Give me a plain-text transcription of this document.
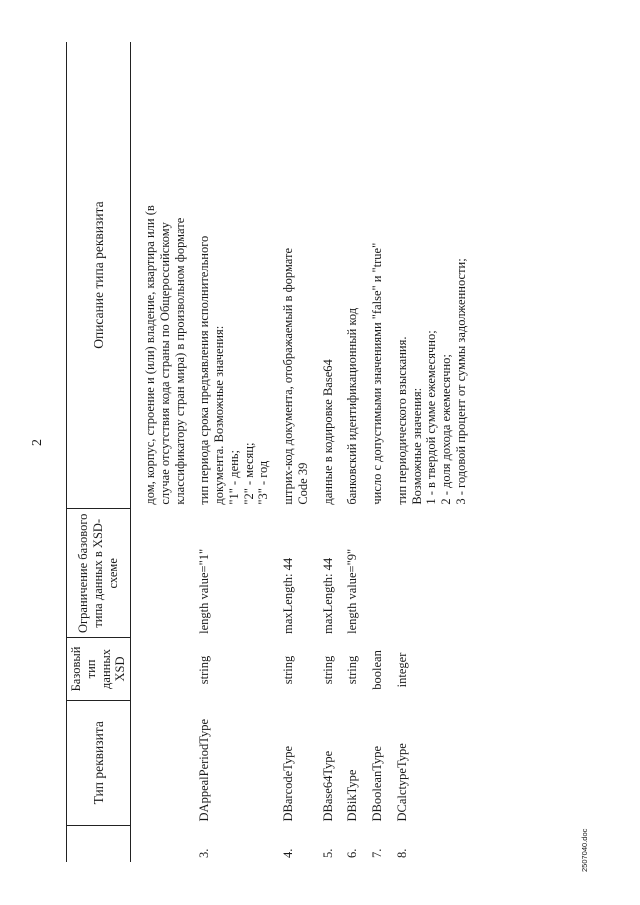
2
	Тип реквизита	Базовый тип данных XSD	Ограничение базового типа данных в XSD-схеме	Описание типа реквизита

				дом, корпус, строение и (или) владение, квартира или (в случае отсутствия кода страны по Общероссийскому классификатору стран мира) в произвольном формате

3.	DAppealPeriodType	string	length value="1"	тип периода срока предъявления исполнительного документа. Возможные значения: "1" - день; "2" - месяц; "3" - год

4.	DBarcodeType	string	maxLength: 44	штрих-код документа, отображаемый в формате Code 39

5.	DBase64Type	string	maxLength: 44	данные в кодировке Base64

6.	DBikType	string	length value="9"	банковский идентификационный код

7.	DBooleanType	boolean		число с допустимыми значениями "false" и "true"

8.	DCalctypeType	integer		тип периодического взыскания. Возможные значения: 1 - в твердой сумме ежемесячно; 2 - доля дохода ежемесячно; 3 - годовой процент от суммы задолженности;
2507040.doc
